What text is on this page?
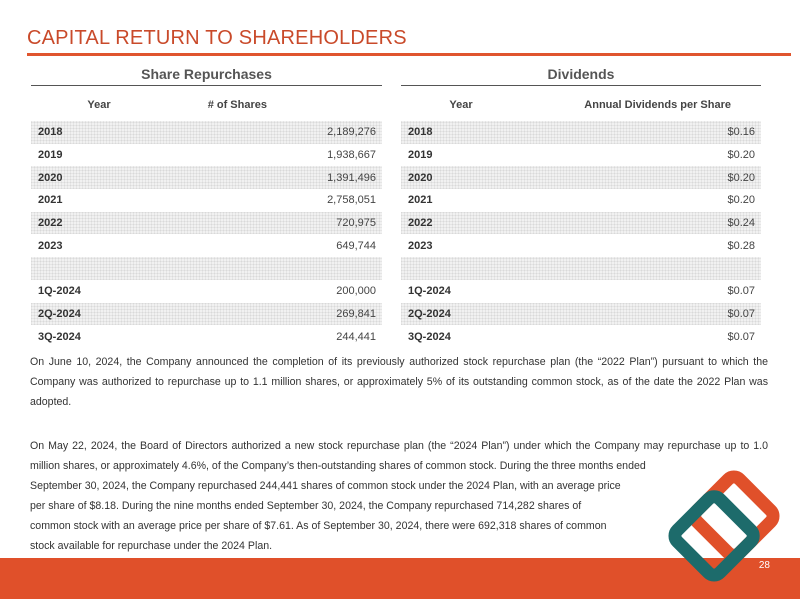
CAPITAL RETURN TO SHAREHOLDERS
Share Repurchases
Year	# of Shares
2018	2,189,276
2019	1,938,667
2020	1,391,496
2021	2,758,051
2022	720,975
2023	649,744
1Q-2024	200,000
2Q-2024	269,841
3Q-2024	244,441
Dividends
Year	Annual Dividends per Share
2018	$0.16
2019	$0.20
2020	$0.20
2021	$0.20
2022	$0.24
2023	$0.28
1Q-2024	$0.07
2Q-2024	$0.07
3Q-2024	$0.07
On June 10, 2024, the Company announced the completion of its previously authorized stock repurchase plan (the “2022 Plan”) pursuant to which the Company was authorized to repurchase up to 1.1 million shares, or approximately 5% of its outstanding common stock, as of the date the 2022 Plan was adopted.
On May 22, 2024, the Board of Directors authorized a new stock repurchase plan (the “2024 Plan”) under which the Company may repurchase up to 1.0 million shares, or approximately 4.6%, of the Company’s then-outstanding shares of common stock. During the three months ended
September 30, 2024, the Company repurchased 244,441 shares of common stock under the 2024 Plan, with an average price
per share of $8.18. During the nine months ended September 30, 2024, the Company repurchased 714,282 shares of
common stock with an average price per share of $7.61. As of September 30, 2024, there were 692,318 shares of common
stock available for repurchase under the 2024 Plan.
28
